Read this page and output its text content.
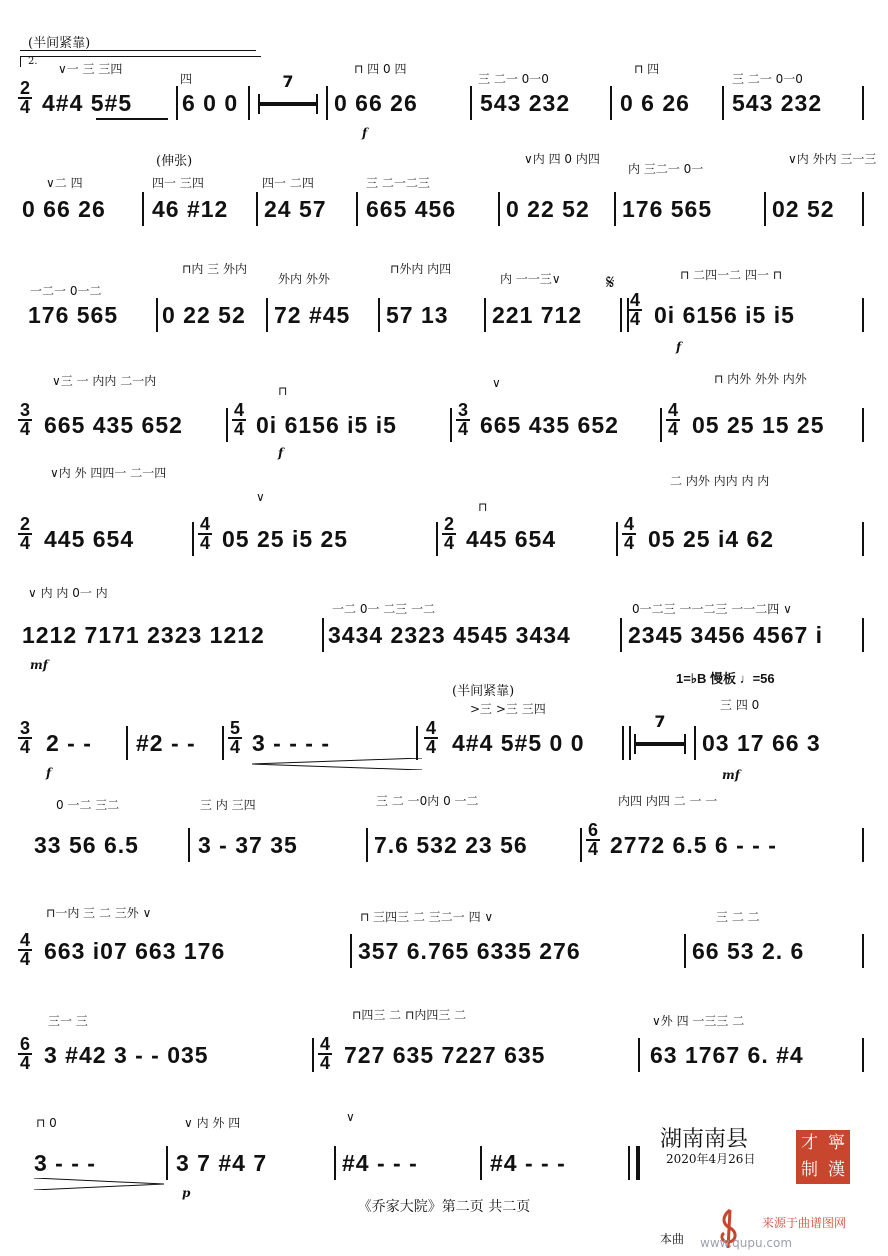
(半间紧靠)
2.
2
4
∨一 三 三四
4#4 5#5
四
6 0 0
7
⊓ 四 0 四
0 66 26
f
三 二一 0一0
543 232
⊓ 四
0 6 26
三 二一 0一0
543 232
(伸张)
∨二 四
0 66 26
四一 三四
46 #12
四一 二四
24 57
三 二一二三
665 456
∨内 四 0 内四
0 22 52
内 三二一 0一
176 565
∨内 外内 三一三
02 52
一二一 0一二
176 565
⊓内 三 外内
0 22 52
外内 外外
72 #45
⊓外内 内四
57 13
内 一一三∨
221 712
𝄋
4
4
⊓ 二四一二 四一 ⊓
0i 6156 i5 i5
f
3
4
∨三 一 内内 二一内
665 435 652
4
4
⊓
0i 6156 i5 i5
f
3
4
∨
665 435 652
4
4
⊓ 内外 外外 内外
05 25 15 25
2
4
∨内 外 四四一 二一四
445 654
4
4
∨
05 25 i5 25
2
4
⊓
445 654
4
4
二 内外 内内 内 内
05 25 i4 62
∨ 内 内 0一 内
1212 7171 2323 1212
mf
一二 0一 二三 一二
3434 2323 4545 3434
0一二三 一一二三 一一二四 ∨
2345 3456 4567 i
(半间紧靠)
1=♭B 慢板 ♩=56
3
4 2 - -
f
#2 - -
5
4 3 - - - -
4
4
>三 >三 三四
4#4 5#5 0 0
7
三 四 0
03 17 66 3
mf
0 一二 三二
33 56 6.5
三 内 三四
3 - 37 35
三 二 一0内 0 一二
7.6 532 23 56
6
4
内四 内四 二 一 一
2772 6.5 6 - - -
4
4
⊓一内 三 二 三外 ∨
663 i07 663 176
⊓ 三四三 二 三二一 四 ∨
357 6.765 6335 276
三 二 二
66 53 2. 6
6
4
三一 三
3 #42 3 - - 035	4
4
⊓四三 二 ⊓内四三 二
727 635 7227 635
∨外 四 一三三 二
63 1767 6. #4
⊓ 0
3 - - -
∨ 内 外 四
3 7 #4 7
p
∨
#4 - - -	#4 - - -
湖南南县
2020年4月26日
才 寧
制 漢
《乔家大院》第二页 共二页
本曲
来源于曲谱图网
www.qupu.com
